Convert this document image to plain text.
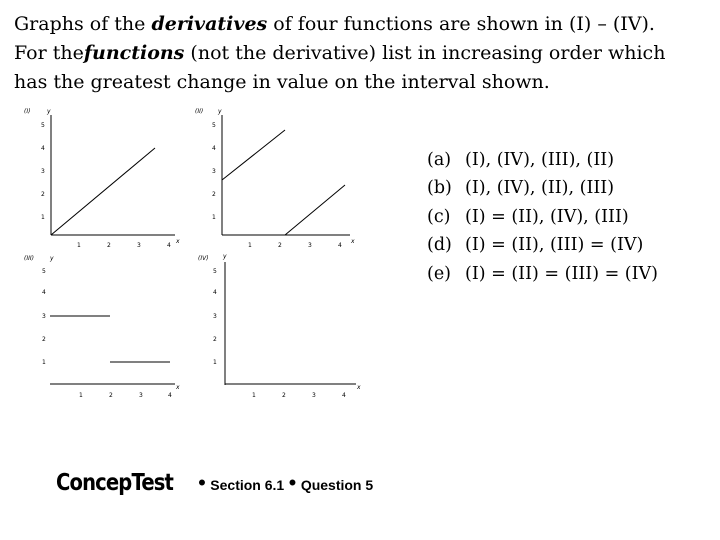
Graphs of the derivatives of four functions are shown in (I) – (IV).
For thefunctions (not the derivative) list in increasing order which
has the greatest change in value on the interval shown.
(I)	y
x
5
4
3
2
1
1	2	3	4
(II) y
x
5
4
3
2
1
1	2	3	4
(III)	y
5
4
3
2
1
x
1	2	3	4
(IV) y
5
4
3
2
1
x
1	2	3	4
(a) (I), (IV), (III), (II)
(b) (I), (IV), (II), (III)
(c) (I) = (II), (IV), (III)
(d) (I) = (II), (III) = (IV)
(e) (I) = (II) = (III) = (IV)
ConcepTest • Section 6.1 • Question 5
